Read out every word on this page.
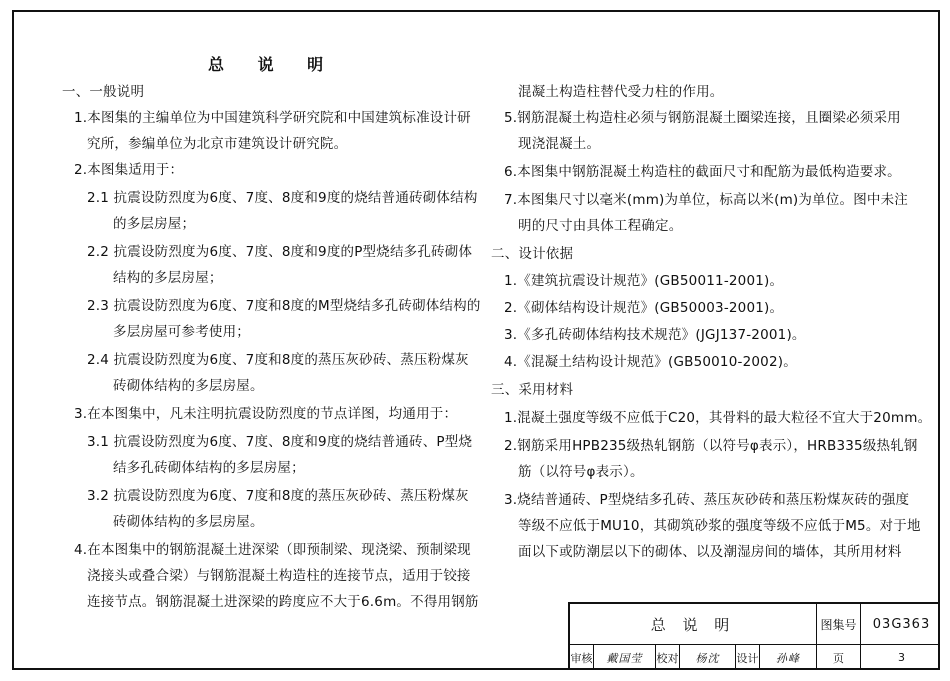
总 说 明
一、一般说明
1.本图集的主编单位为中国建筑科学研究院和中国建筑标准设计研
究所，参编单位为北京市建筑设计研究院。
2.本图集适用于：
2.1 抗震设防烈度为6度、7度、8度和9度的烧结普通砖砌体结构
的多层房屋；
2.2 抗震设防烈度为6度、7度、8度和9度的P型烧结多孔砖砌体
结构的多层房屋；
2.3 抗震设防烈度为6度、7度和8度的M型烧结多孔砖砌体结构的
多层房屋可参考使用；
2.4 抗震设防烈度为6度、7度和8度的蒸压灰砂砖、蒸压粉煤灰
砖砌体结构的多层房屋。
3.在本图集中，凡未注明抗震设防烈度的节点详图，均通用于：
3.1 抗震设防烈度为6度、7度、8度和9度的烧结普通砖、P型烧
结多孔砖砌体结构的多层房屋；
3.2 抗震设防烈度为6度、7度和8度的蒸压灰砂砖、蒸压粉煤灰
砖砌体结构的多层房屋。
4.在本图集中的钢筋混凝土进深梁（即预制梁、现浇梁、预制梁现
浇接头或叠合梁）与钢筋混凝土构造柱的连接节点，适用于铰接
连接节点。钢筋混凝土进深梁的跨度应不大于6.6m。不得用钢筋
混凝土构造柱替代受力柱的作用。
5.钢筋混凝土构造柱必须与钢筋混凝土圈梁连接，且圈梁必须采用
现浇混凝土。
6.本图集中钢筋混凝土构造柱的截面尺寸和配筋为最低构造要求。
7.本图集尺寸以毫米(mm)为单位，标高以米(m)为单位。图中未注
明的尺寸由具体工程确定。
二、设计依据
1.《建筑抗震设计规范》(GB50011-2001)。
2.《砌体结构设计规范》(GB50003-2001)。
3.《多孔砖砌体结构技术规范》(JGJ137-2001)。
4.《混凝土结构设计规范》(GB50010-2002)。
三、采用材料
1.混凝土强度等级不应低于C20，其骨料的最大粒径不宜大于20mm。
2.钢筋采用HPB235级热轧钢筋（以符号φ表示），HRB335级热轧钢
筋（以符号φ表示）。
3.烧结普通砖、P型烧结多孔砖、蒸压灰砂砖和蒸压粉煤灰砖的强度
等级不应低于MU10，其砌筑砂浆的强度等级不应低于M5。对于地
面以下或防潮层以下的砌体、以及潮湿房间的墙体，其所用材料
总 说 明	图集号	03G363
审核	戴国莹	校对	杨沈	设计	孙峰	页	3
